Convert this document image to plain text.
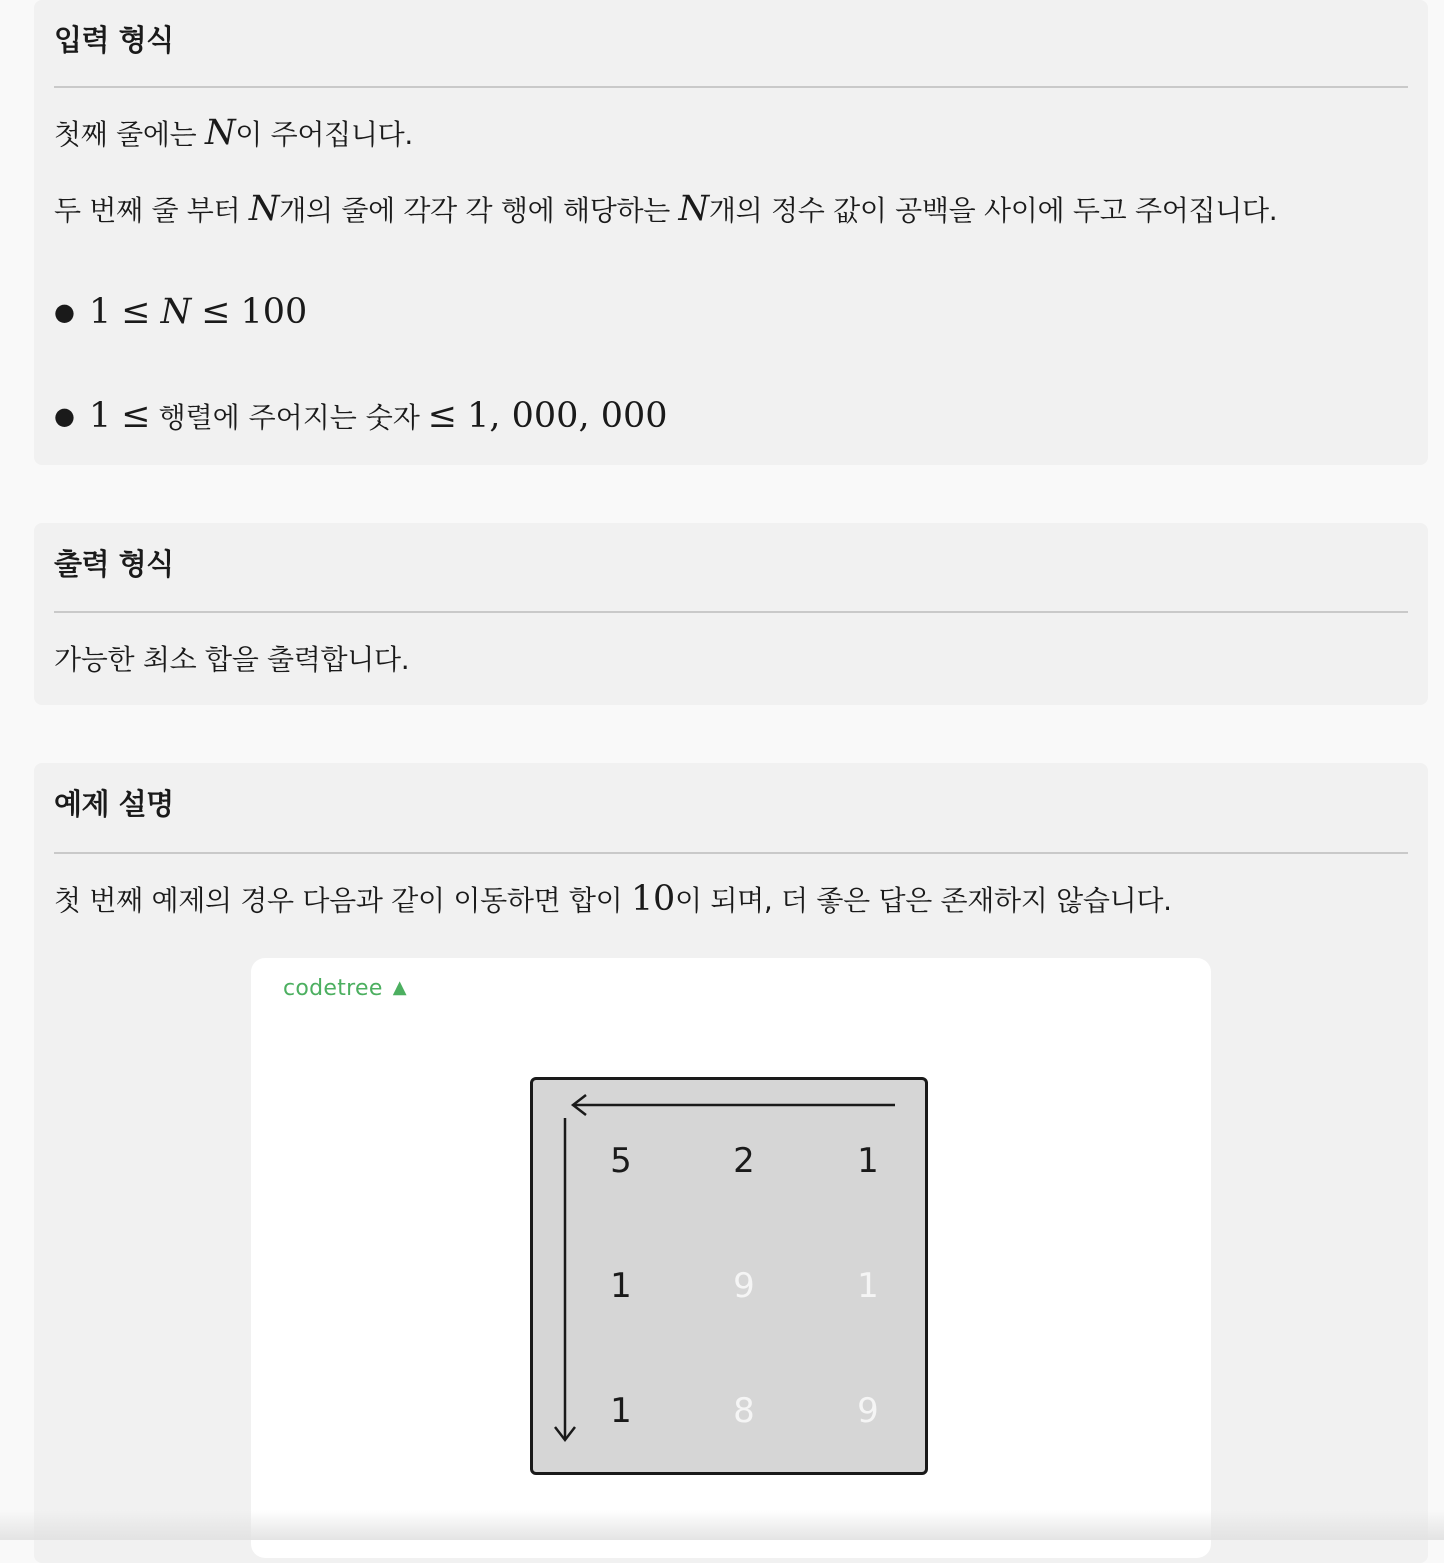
입력 형식

첫째 줄에는 N이 주어집니다.

두 번째 줄 부터 N개의 줄에 각각 각 행에 해당하는 N개의 정수 값이 공백을 사이에 두고 주어집니다.

● 1 ≤ N ≤ 100
● 1 ≤ 행렬에 주어지는 숫자 ≤ 1, 000, 000
출력 형식

가능한 최소 합을 출력합니다.

예제 설명

첫 번째 예제의 경우 다음과 같이 이동하면 합이 10이 되며, 더 좋은 답은 존재하지 않습니다.

codetree ▲
5	2	1
1	9	1
1	8	9
